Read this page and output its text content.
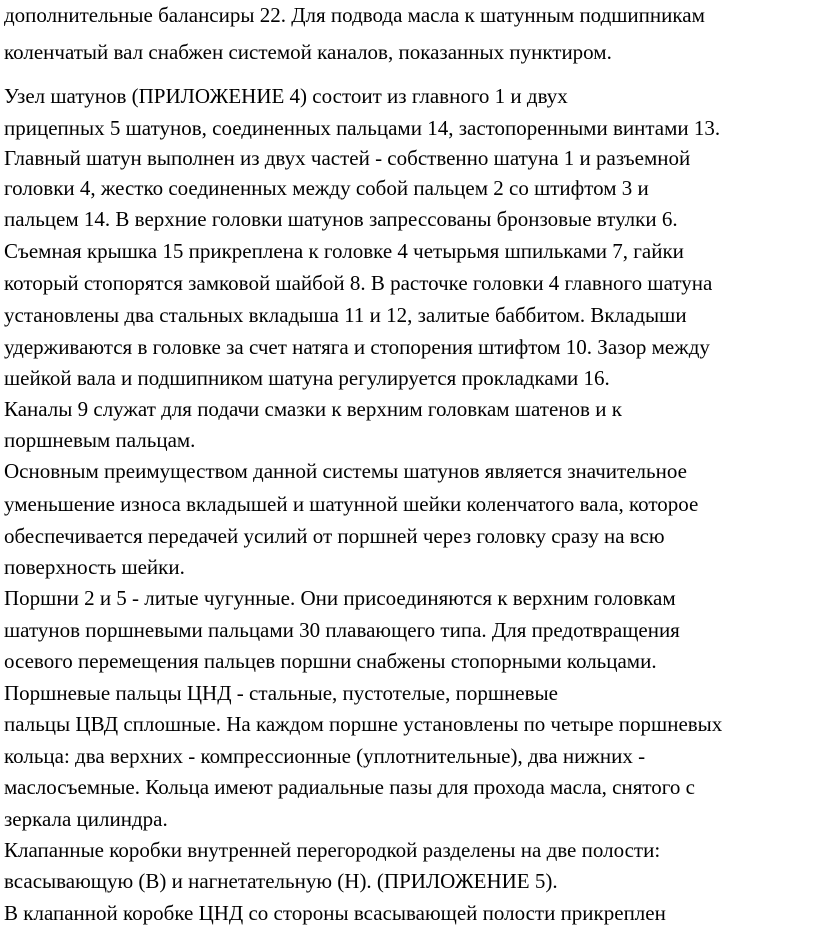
дополнительные балансиры 22. Для подвода масла к шатунным подшипникам
коленчатый вал снабжен системой каналов, показанных пунктиром.
Узел шатунов (ПРИЛОЖЕНИЕ 4) состоит из главного 1 и двух
прицепных 5 шатунов, соединенных пальцами 14, застопоренными винтами 13.
Главный шатун выполнен из двух частей - собственно шатуна 1 и разъемной
головки 4, жестко соединенных между собой пальцем 2 со штифтом 3 и
пальцем 14. В верхние головки шатунов запрессованы бронзовые втулки 6.
Съемная крышка 15 прикреплена к головке 4 четырьмя шпильками 7, гайки
который стопорятся замковой шайбой 8. В расточке головки 4 главного шатуна
установлены два стальных вкладыша 11 и 12, залитые баббитом. Вкладыши
удерживаются в головке за счет натяга и стопорения штифтом 10. Зазор между
шейкой вала и подшипником шатуна регулируется прокладками 16.
Каналы 9 служат для подачи смазки к верхним головкам шатенов и к
поршневым пальцам.
Основным преимуществом данной системы шатунов является значительное
уменьшение износа вкладышей и шатунной шейки коленчатого вала, которое
обеспечивается передачей усилий от поршней через головку сразу на всю
поверхность шейки.
Поршни 2 и 5 - литые чугунные. Они присоединяются к верхним головкам
шатунов поршневыми пальцами 30 плавающего типа. Для предотвращения
осевого перемещения пальцев поршни снабжены стопорными кольцами.
Поршневые пальцы ЦНД - стальные, пустотелые, поршневые
пальцы ЦВД сплошные. На каждом поршне установлены по четыре поршневых
кольца: два верхних - компрессионные (уплотнительные), два нижних -
маслосъемные. Кольца имеют радиальные пазы для прохода масла, снятого с
зеркала цилиндра.
Клапанные коробки внутренней перегородкой разделены на две полости:
всасывающую (В) и нагнетательную (Н). (ПРИЛОЖЕНИЕ 5).
В клапанной коробке ЦНД со стороны всасывающей полости прикреплен
